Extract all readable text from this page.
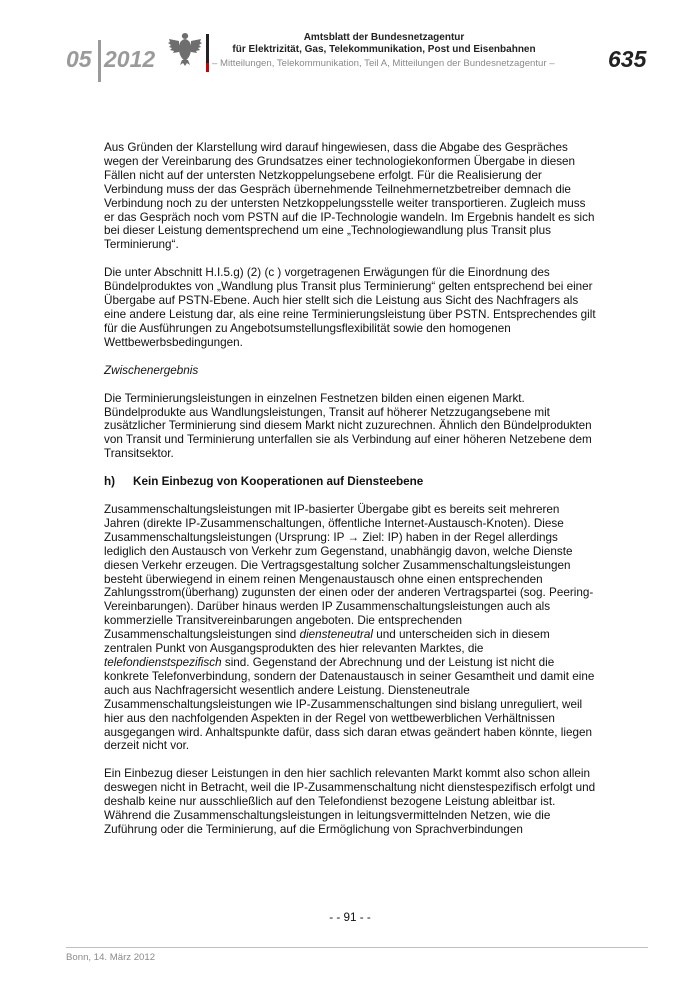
05 2012
Amtsblatt der Bundesnetzagentur
für Elektrizität, Gas, Telekommunikation, Post und Eisenbahnen
– Mitteilungen, Telekommunikation, Teil A, Mitteilungen der Bundesnetzagentur – 635

Aus Gründen der Klarstellung wird darauf hingewiesen, dass die Abgabe des Gespräches wegen der Vereinbarung des Grundsatzes einer technologiekonformen Übergabe in diesen Fällen nicht auf der untersten Netzkoppelungsebene erfolgt. Für die Realisierung der Verbindung muss der das Gespräch übernehmende Teilnehmernetzbetreiber demnach die Verbindung noch zu der untersten Netzkoppelungsstelle weiter transportieren. Zugleich muss er das Gespräch noch vom PSTN auf die IP-Technologie wandeln. Im Ergebnis handelt es sich bei dieser Leistung dementsprechend um eine „Technologiewandlung plus Transit plus Terminierung“.

Die unter Abschnitt H.I.5.g) (2) (c ) vorgetragenen Erwägungen für die Einordnung des Bündelproduktes von „Wandlung plus Transit plus Terminierung“ gelten entsprechend bei einer Übergabe auf PSTN-Ebene. Auch hier stellt sich die Leistung aus Sicht des Nachfragers als eine andere Leistung dar, als eine reine Terminierungsleistung über PSTN. Entsprechendes gilt für die Ausführungen zu Angebotsumstellungsflexibilität sowie den homogenen Wettbewerbsbedingungen.

Zwischenergebnis

Die Terminierungsleistungen in einzelnen Festnetzen bilden einen eigenen Markt. Bündelprodukte aus Wandlungsleistungen, Transit auf höherer Netzzugangsebene mit zusätzlicher Terminierung sind diesem Markt nicht zuzurechnen. Ähnlich den Bündelprodukten von Transit und Terminierung unterfallen sie als Verbindung auf einer höheren Netzebene dem Transitsektor.

h) Kein Einbezug von Kooperationen auf Diensteebene

Zusammenschaltungsleistungen mit IP-basierter Übergabe gibt es bereits seit mehreren Jahren (direkte IP-Zusammenschaltungen, öffentliche Internet-Austausch-Knoten). Diese Zusammenschaltungsleistungen (Ursprung: IP → Ziel: IP) haben in der Regel allerdings lediglich den Austausch von Verkehr zum Gegenstand, unabhängig davon, welche Dienste diesen Verkehr erzeugen. Die Vertragsgestaltung solcher Zusammenschaltungsleistungen besteht überwiegend in einem reinen Mengenaustausch ohne einen entsprechenden Zahlungsstrom(überhang) zugunsten der einen oder der anderen Vertragspartei (sog. Peering-Vereinbarungen). Darüber hinaus werden IP Zusammenschaltungsleistungen auch als kommerzielle Transitvereinbarungen angeboten. Die entsprechenden Zusammenschaltungsleistungen sind diensteneutral und unterscheiden sich in diesem zentralen Punkt von Ausgangsprodukten des hier relevanten Marktes, die telefondienstspezifisch sind. Gegenstand der Abrechnung und der Leistung ist nicht die konkrete Telefonverbindung, sondern der Datenaustausch in seiner Gesamtheit und damit eine auch aus Nachfragersicht wesentlich andere Leistung. Diensteneutrale Zusammenschaltungsleistungen wie IP-Zusammenschaltungen sind bislang unreguliert, weil hier aus den nachfolgenden Aspekten in der Regel von wettbewerblichen Verhältnissen ausgegangen wird. Anhaltspunkte dafür, dass sich daran etwas geändert haben könnte, liegen derzeit nicht vor.

Ein Einbezug dieser Leistungen in den hier sachlich relevanten Markt kommt also schon allein deswegen nicht in Betracht, weil die IP-Zusammenschaltung nicht dienstespezifisch erfolgt und deshalb keine nur ausschließlich auf den Telefondienst bezogene Leistung ableitbar ist. Während die Zusammenschaltungsleistungen in leitungsvermittelnden Netzen, wie die Zuführung oder die Terminierung, auf die Ermöglichung von Sprachverbindungen

- - 91 - -
Bonn, 14. März 2012
